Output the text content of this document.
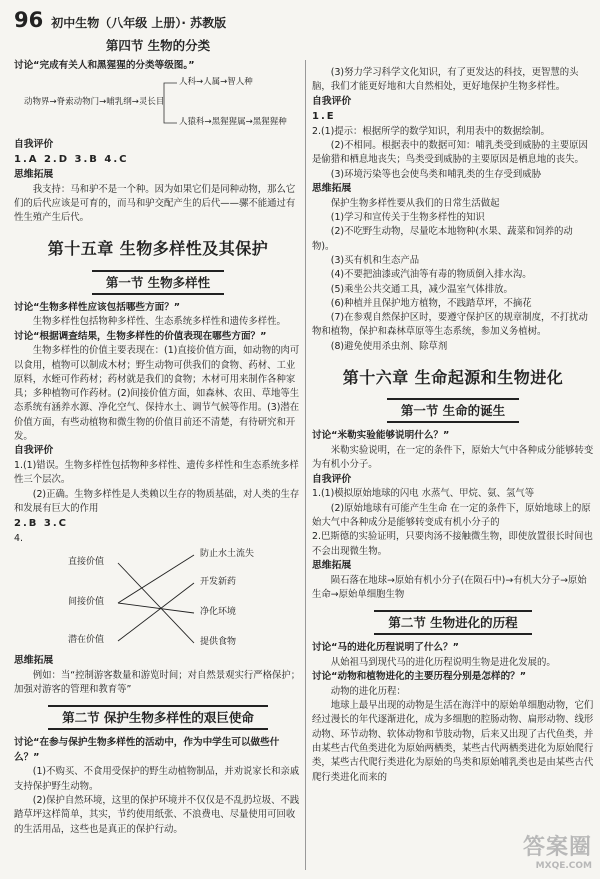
96 初中生物（八年级 上册）· 苏教版
第四节 生物的分类

讨论“完成有关人和黑猩猩的分类等级图。”

动物界→脊索动物门→哺乳纲→灵长目
人科→人属→智人种
人猿科→黑猩猩属→黑猩猩种

自我评价

1.A 2.D 3.B 4.C

思维拓展

我支持：马和驴不是一个种。因为如果它们是同种动物，那么它们的后代应该是可育的，而马和驴交配产生的后代——骡不能通过有性生殖产生后代。

第十五章 生物多样性及其保护
第一节 生物多样性

讨论“生物多样性应该包括哪些方面？”

生物多样性包括物种多样性、生态系统多样性和遗传多样性。

讨论“根据调查结果，生物多样性的价值表现在哪些方面？”

生物多样性的价值主要表现在：(1)直接价值方面，如动物的肉可以食用，植物可以制成木材；野生动物可供我们的食物、药材、工业原料，水蛭可作药材；药材就是我们的食物；木材可用来制作各种家具；多种植物可作药材。(2)间接价值方面，如森林、农田、草地等生态系统有涵养水源、净化空气、保持水土、调节气候等作用。(3)潜在价值方面，有些动植物和微生物的价值目前还不清楚，有待研究和开发。

自我评价

1.(1)错误。生物多样性包括物种多样性、遗传多样性和生态系统多样性三个层次。

(2)正确。生物多样性是人类赖以生存的物质基础，对人类的生存和发展有巨大的作用

2.B 3.C

4.

直接价值
间接价值
潜在价值
防止水土流失
开发新药
净化环境
提供食物

思维拓展

例如：当“控制游客数量和游览时间；对自然景观实行严格保护；加强对游客的管理和教育等”

第二节 保护生物多样性的艰巨使命

讨论“在参与保护生物多样性的活动中，作为中学生可以做些什么？”

(1)不购买、不食用受保护的野生动植物制品，并劝说家长和亲戚支持保护野生动物。

(2)保护自然环境，这里的保护环境并不仅仅是不乱扔垃圾、不践踏草坪这样简单，其实，节约使用纸张、不浪费电、尽量使用可回收的生活用品，这些也是真正的保护行动。

(3)努力学习科学文化知识，有了更发达的科技，更智慧的头脑，我们才能更好地和大自然相处，更好地保护生物多样性。

自我评价

1.E

2.(1)提示：根据所学的数学知识，利用表中的数据绘制。

(2)不相同。根据表中的数据可知：哺乳类受到威胁的主要原因是偷猎和栖息地丧失；鸟类受到威胁的主要原因是栖息地的丧失。

(3)环境污染等也会使鸟类和哺乳类的生存受到威胁

思维拓展

保护生物多样性要从我们的日常生活做起

(1)学习和宣传关于生物多样性的知识

(2)不吃野生动物，尽量吃本地物种(水果、蔬菜和饲养的动物)。

(3)买有机和生态产品

(4)不要把油漆或汽油等有毒的物质倒入排水沟。

(5)乘坐公共交通工具，减少温室气体排放。

(6)种植并且保护地方植物，不践踏草坪，不摘花

(7)在参观自然保护区时，要遵守保护区的规章制度，不打扰动物和植物，保护和森林草原等生态系统，参加义务植树。

(8)避免使用杀虫剂、除草剂

第十六章 生命起源和生物进化
第一节 生命的诞生

讨论“米勒实验能够说明什么？”

米勒实验说明，在一定的条件下，原始大气中各种成分能够转变为有机小分子。

自我评价

1.(1)模拟原始地球的闪电 水蒸气、甲烷、氨、氢气等

(2)原始地球有可能产生生命 在一定的条件下，原始地球上的原始大气中各种成分是能够转变成有机小分子的

2.巴斯德的实验证明，只要肉汤不接触微生物，即使放置很长时间也不会出现微生物。

思维拓展

陨石落在地球→原始有机小分子(在陨石中)→有机大分子→原始生命→原始单细胞生物

第二节 生物进化的历程

讨论“马的进化历程说明了什么？”

从始祖马到现代马的进化历程说明生物是进化发展的。

讨论“动物和植物进化的主要历程分别是怎样的？”

动物的进化历程：

地球上最早出现的动物是生活在海洋中的原始单细胞动物，它们经过漫长的年代逐渐进化，成为多细胞的腔肠动物、扁形动物、线形动物、环节动物、软体动物和节肢动物，后来又出现了古代鱼类，并由某些古代鱼类进化为原始两栖类，某些古代两栖类进化为原始爬行类，某些古代爬行类进化为原始的鸟类和原始哺乳类也是由某些古代爬行类进化而来的

答案圈
MXQE.COM
